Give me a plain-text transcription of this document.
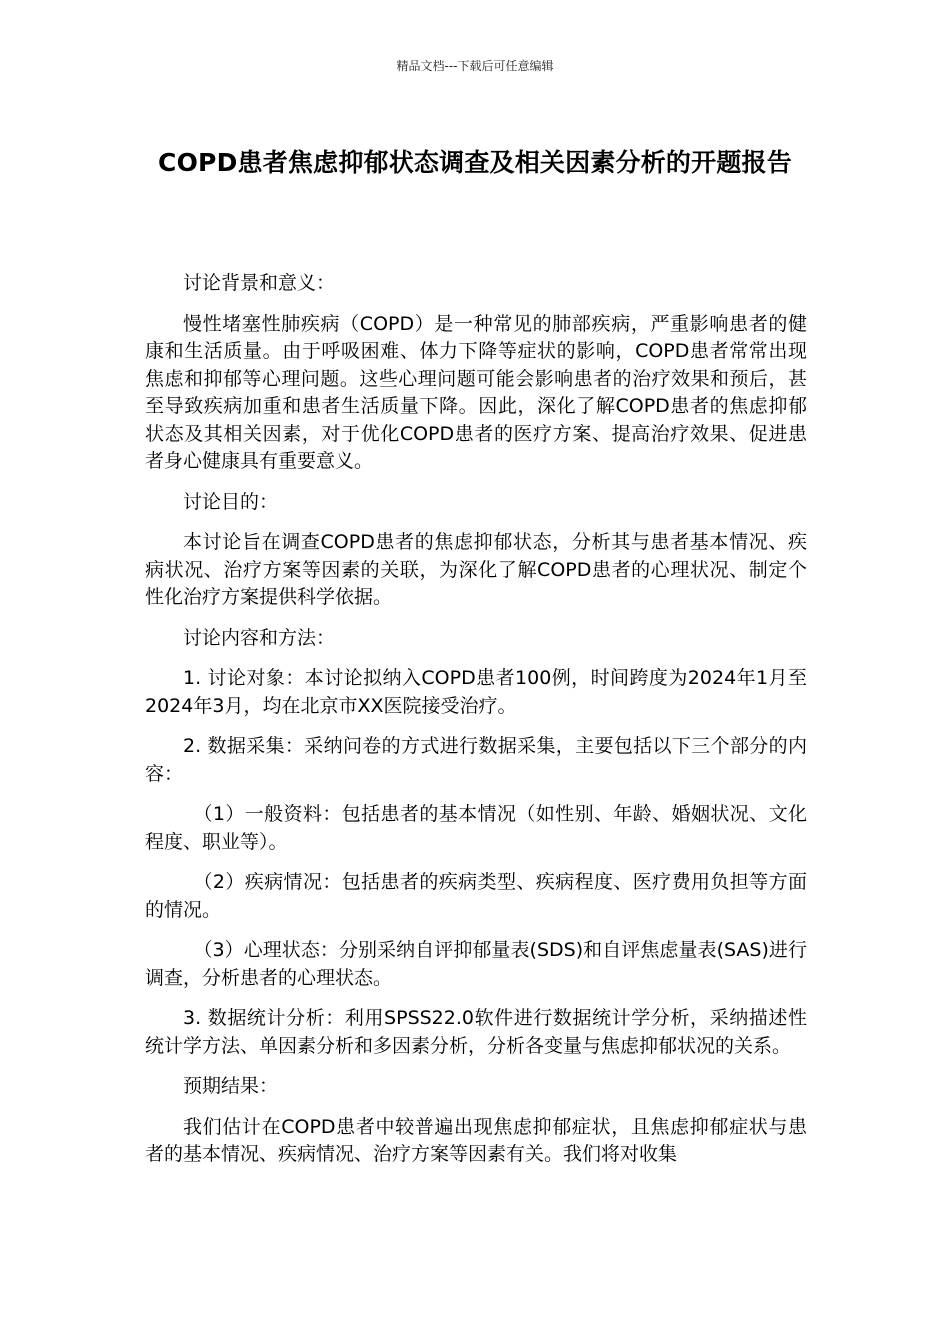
精品文档---下载后可任意编辑
COPD患者焦虑抑郁状态调查及相关因素分析的开题报告

讨论背景和意义：

慢性堵塞性肺疾病（COPD）是一种常见的肺部疾病，严重影响患者的健康和生活质量。由于呼吸困难、体力下降等症状的影响，COPD患者常常出现焦虑和抑郁等心理问题。这些心理问题可能会影响患者的治疗效果和预后，甚至导致疾病加重和患者生活质量下降。因此，深化了解COPD患者的焦虑抑郁状态及其相关因素，对于优化COPD患者的医疗方案、提高治疗效果、促进患者身心健康具有重要意义。

讨论目的：

本讨论旨在调查COPD患者的焦虑抑郁状态，分析其与患者基本情况、疾病状况、治疗方案等因素的关联，为深化了解COPD患者的心理状况、制定个性化治疗方案提供科学依据。

讨论内容和方法：

1. 讨论对象：本讨论拟纳入COPD患者100例，时间跨度为2024年1月至2024年3月，均在北京市XX医院接受治疗。

2. 数据采集：采纳问卷的方式进行数据采集，主要包括以下三个部分的内容：

（1）一般资料：包括患者的基本情况（如性别、年龄、婚姻状况、文化程度、职业等）。

（2）疾病情况：包括患者的疾病类型、疾病程度、医疗费用负担等方面的情况。

（3）心理状态：分别采纳自评抑郁量表(SDS)和自评焦虑量表(SAS)进行调查，分析患者的心理状态。

3. 数据统计分析：利用SPSS22.0软件进行数据统计学分析，采纳描述性统计学方法、单因素分析和多因素分析，分析各变量与焦虑抑郁状况的关系。

预期结果：

我们估计在COPD患者中较普遍出现焦虑抑郁症状，且焦虑抑郁症状与患者的基本情况、疾病情况、治疗方案等因素有关。我们将对收集
